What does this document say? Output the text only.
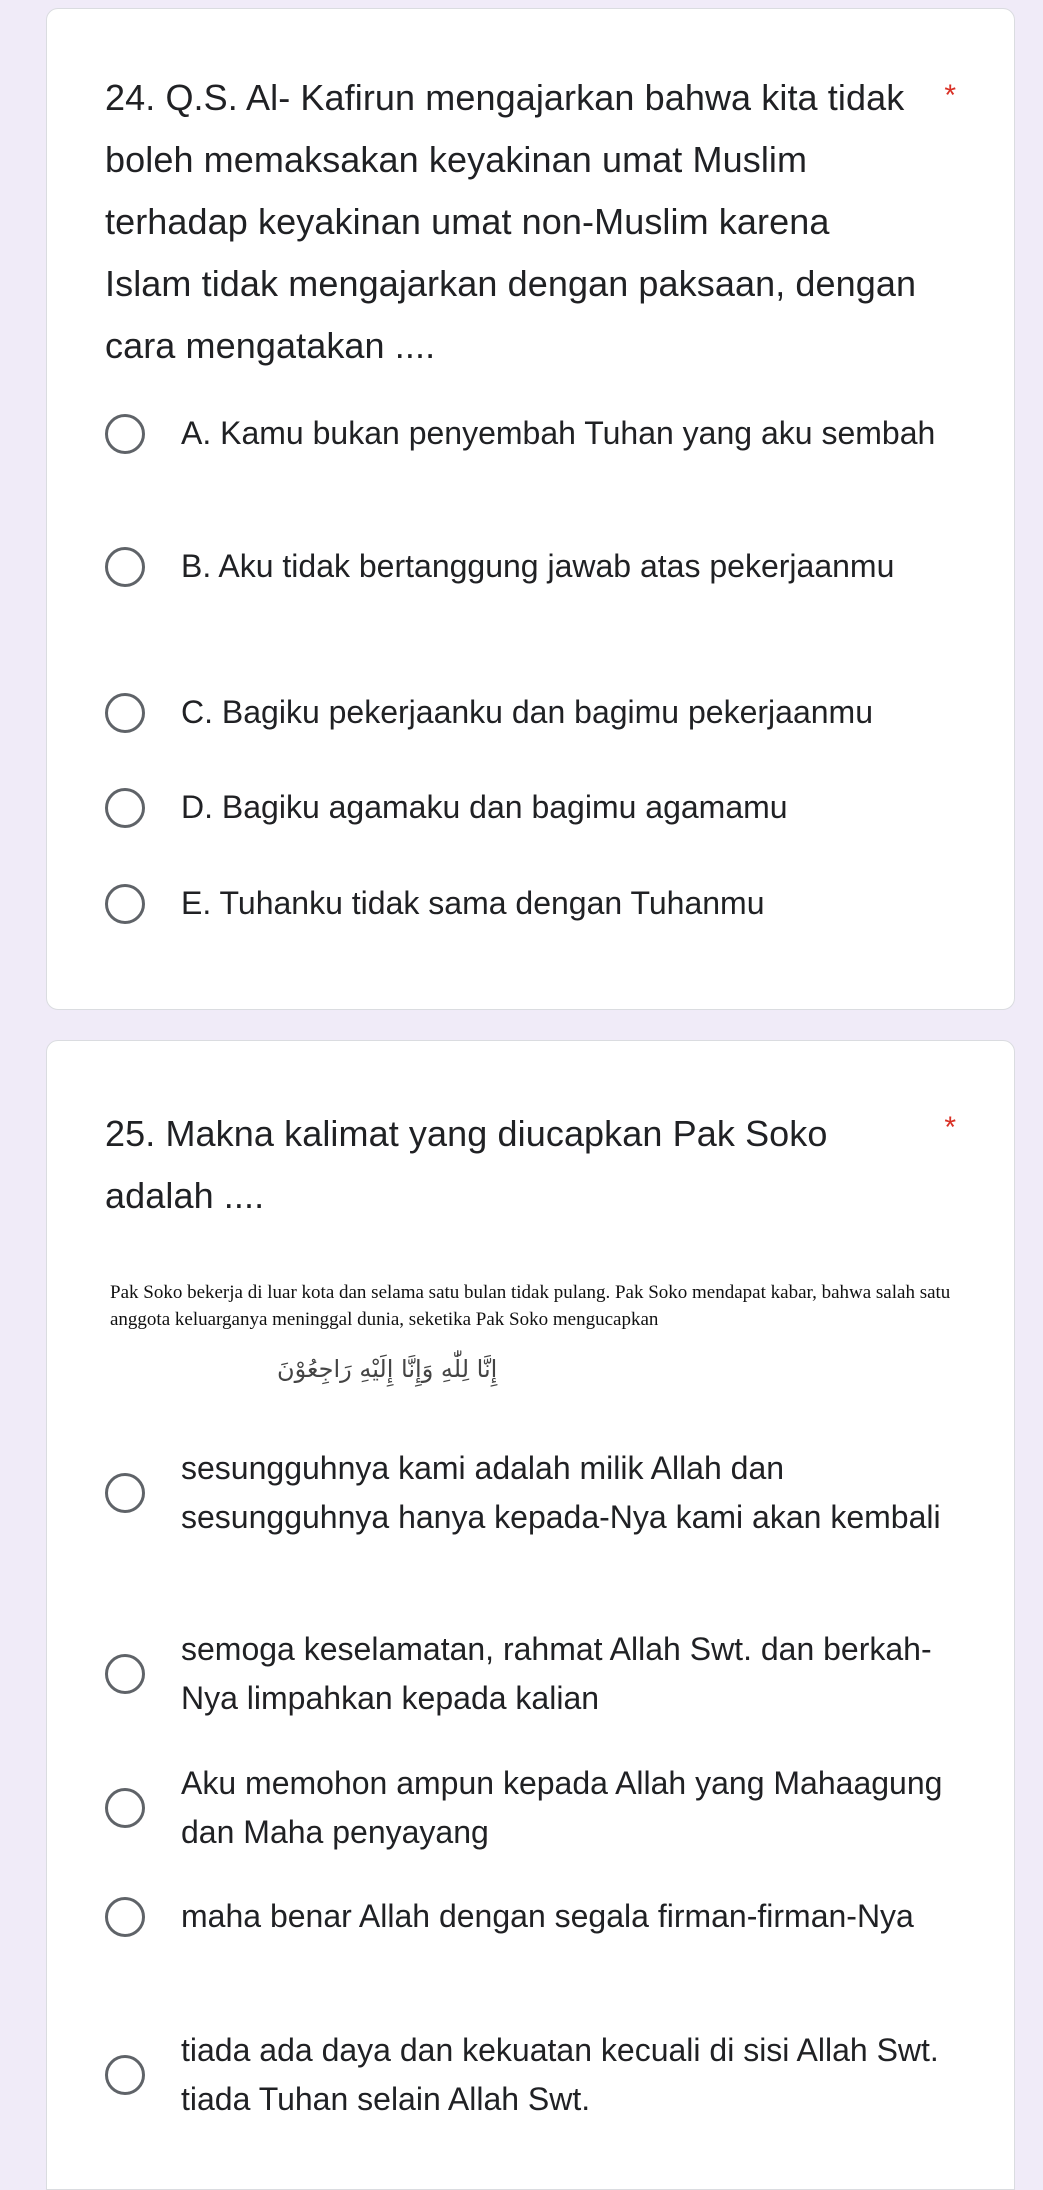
24. Q.S. Al- Kafirun mengajarkan bahwa kita tidak boleh memaksakan keyakinan umat Muslim terhadap keyakinan umat non-Muslim karena Islam tidak mengajarkan dengan paksaan, dengan cara mengatakan ....
*
A. Kamu bukan penyembah Tuhan yang aku sembah
B. Aku tidak bertanggung jawab atas pekerjaanmu
C. Bagiku pekerjaanku dan bagimu pekerjaanmu
D. Bagiku agamaku dan bagimu agamamu
E. Tuhanku tidak sama dengan Tuhanmu
25. Makna kalimat yang diucapkan Pak Soko adalah ....
*
Pak Soko bekerja di luar kota dan selama satu bulan tidak pulang. Pak Soko mendapat kabar, bahwa salah satu anggota keluarganya meninggal dunia, seketika Pak Soko mengucapkan
إِنَّا لِلّٰهِ وَإِنَّا إِلَيْهِ رَاجِعُوْنَ
sesungguhnya kami adalah milik Allah dan sesungguhnya hanya kepada-Nya kami akan kembali
semoga keselamatan, rahmat Allah Swt. dan berkah-Nya limpahkan kepada kalian
Aku memohon ampun kepada Allah yang Mahaagung dan Maha penyayang
maha benar Allah dengan segala firman-firman-Nya
tiada ada daya dan kekuatan kecuali di sisi Allah Swt. tiada Tuhan selain Allah Swt.
